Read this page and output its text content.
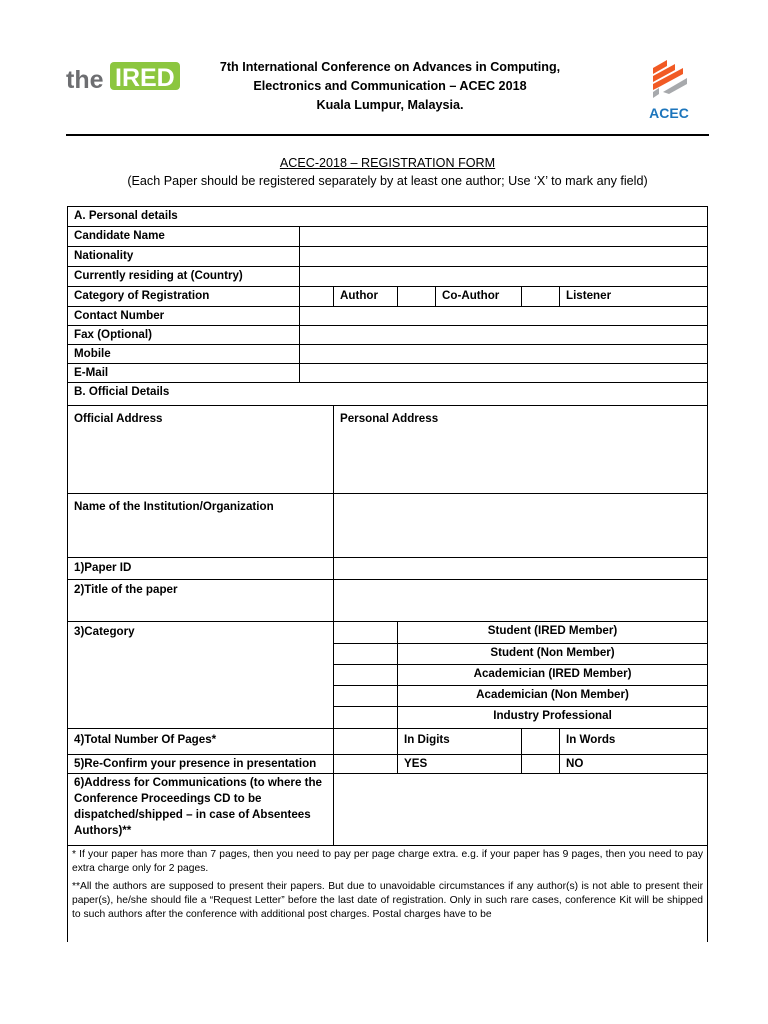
the IRED	7th International Conference on Advances in Computing,
Electronics and Communication – ACEC 2018
Kuala Lumpur, Malaysia.	ACEC
ACEC-2018 – REGISTRATION FORM
(Each Paper should be registered separately by at least one author; Use ‘X’ to mark any field)
A. Personal details						
Candidate Name						
Nationality						
Currently residing at (Country)						
Category of Registration		Author		Co-Author		Listener
Contact Number						
Fax (Optional)						
Mobile						
E-Mail						
B. Official Details						
Official Address		Personal Address				
Name of the Institution/Organization						
1)Paper ID						
2)Title of the paper						
3)Category			Student (IRED Member)			
			Student (Non Member)			
			Academician (IRED Member)			
			Academician (Non Member)			
			Industry Professional			
4)Total Number Of Pages*			In Digits			In Words
5)Re-Confirm your presence in presentation			YES			NO
6)Address for Communications (to where the Conference Proceedings CD to be dispatched/shipped – in case of Absentees Authors)**						

* If your paper has more than 7 pages, then you need to pay per page charge extra. e.g. if your paper has 9 pages, then you need to pay extra charge only for 2 pages.

**All the authors are supposed to present their papers. But due to unavoidable circumstances if any author(s) is not able to present their paper(s), he/she should file a “Request Letter” before the last date of registration. Only in such rare cases, conference Kit will be shipped to such authors after the conference with additional post charges. Postal charges have to be						
